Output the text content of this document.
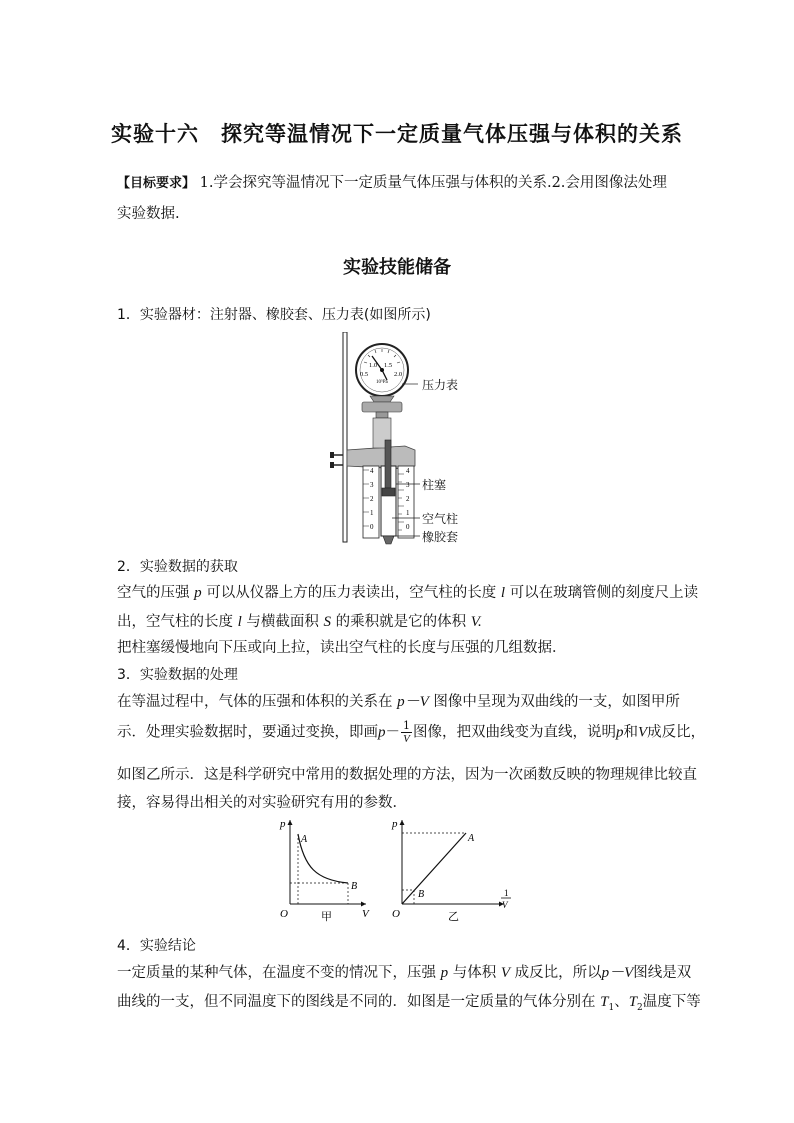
实验十六　探究等温情况下一定质量气体压强与体积的关系
【目标要求】 1.学会探究等温情况下一定质量气体压强与体积的关系.2.会用图像法处理实验数据.
实验技能储备
1．实验器材：注射器、橡胶套、压力表(如图所示)
0.5
1.0 1.5
2.0
10⁵Pa
4
3
2
1
0
4
3
2
1
0
压力表
柱塞
空气柱
橡胶套
2．实验数据的获取
空气的压强 p 可以从仪器上方的压力表读出，空气柱的长度 l 可以在玻璃管侧的刻度尺上读
出，空气柱的长度 l 与横截面积 S 的乘积就是它的体积 V.
把柱塞缓慢地向下压或向上拉，读出空气柱的长度与压强的几组数据．
3．实验数据的处理
在等温过程中，气体的压强和体积的关系在 p－V 图像中呈现为双曲线的一支，如图甲所
示．处理实验数据时，要通过变换，即画$p- \frac{1}{V}$ 图像，把双曲线变为直线，说明p和V成反比，
如图乙所示．这是科学研究中常用的数据处理的方法，因为一次函数反映的物理规律比较直
接，容易得出相关的对实验研究有用的参数．
p
V
O
A
B
甲
p
O
A
B	1
V
乙
4．实验结论
一定质量的某种气体，在温度不变的情况下，压强 p 与体积 V 成反比，所以p－V图线是双
曲线的一支，但不同温度下的图线是不同的．如图是一定质量的气体分别在 $T_1$、$T_2$温度下等
